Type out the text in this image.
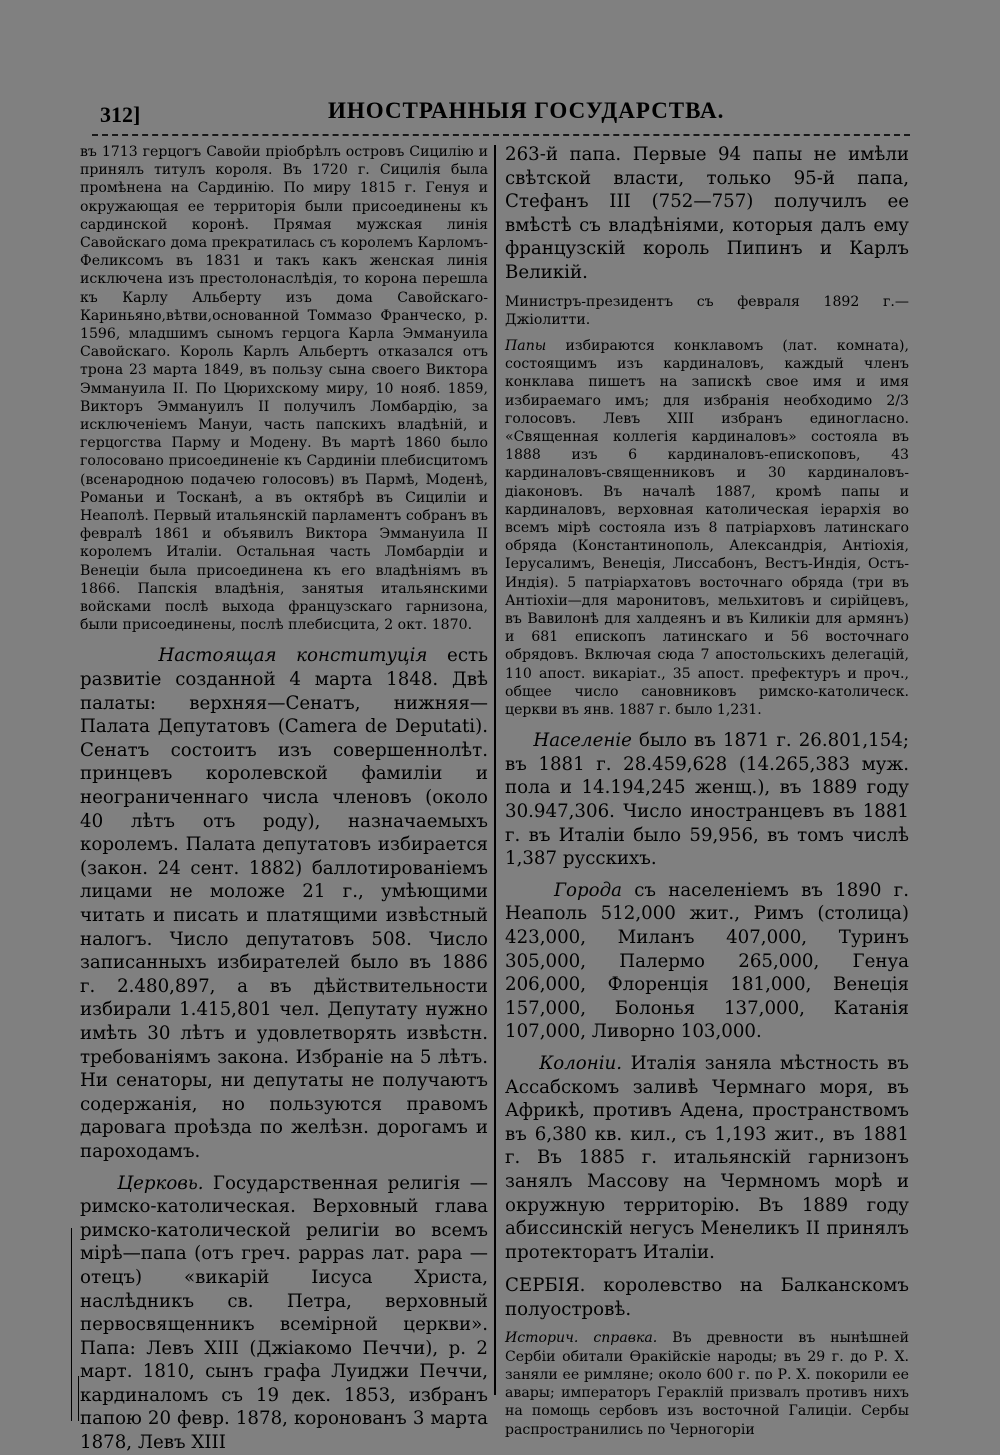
312]	ИНОСТРАННЫЯ ГОСУДАРСТВА.

въ 1713 герцогъ Савойи пріобрѣлъ островъ Сицилію и принялъ титулъ короля. Въ 1720 г. Сицилія была промѣнена на Сардинію. По миру 1815 г. Генуя и окружающая ее территорія были присоединены къ сардинской коронѣ. Прямая мужская линія Савойскаго дома прекратилась съ королемъ Карломъ-Феликсомъ въ 1831 и такъ какъ женская линія исключена изъ престолонаслѣдія, то корона перешла къ Карлу Альберту изъ дома Савойскаго-Кариньяно,вѣтви,основанной Томмазо Франческо, р. 1596, младшимъ сыномъ герцога Карла Эммануила Савойскаго. Король Карлъ Альбертъ отказался отъ трона 23 марта 1849, въ пользу сына своего Виктора Эммануила II. По Цюрихскому миру, 10 нояб. 1859, Викторъ Эммануилъ II получилъ Ломбардію, за исключеніемъ Мануи, часть папскихъ владѣній, и герцогства Парму и Модену. Въ мартѣ 1860 было голосовано присоединеніе къ Сардиніи плебисцитомъ (всенародною подачею голосовъ) въ Пармѣ, Моденѣ, Романьи и Тосканѣ, а въ октябрѣ въ Сициліи и Неаполѣ. Первый итальянскій парламентъ собранъ въ февралѣ 1861 и объявилъ Виктора Эммануила II королемъ Италіи. Остальная часть Ломбардіи и Венеціи была присоединена къ его владѣніямъ въ 1866. Папскія владѣнія, занятыя итальянскими войсками послѣ выхода французскаго гарнизона, были присоединены, послѣ плебисцита, 2 окт. 1870.

Настоящая конституція есть развитіе созданной 4 марта 1848. Двѣ палаты: верхняя—Сенатъ, нижняя—Палата Депутатовъ (Camera de Deputati). Сенатъ состоитъ изъ совершеннолѣт. принцевъ королевской фамиліи и неограниченнаго числа членовъ (около 40 лѣтъ отъ роду), назначаемыхъ королемъ. Палата депутатовъ избирается (закон. 24 сент. 1882) баллотированіемъ лицами не моложе 21 г., умѣющими читать и писать и платящими извѣстный налогъ. Число депутатовъ 508. Число записанныхъ избирателей было въ 1886 г. 2.480,897, а въ дѣйствительности избирали 1.415,801 чел. Депутату нужно имѣть 30 лѣтъ и удовлетворять извѣстн. требованіямъ закона. Избраніе на 5 лѣтъ. Ни сенаторы, ни депутаты не получаютъ содержанія, но пользуются правомъ даровага проѣзда по желѣзн. дорогамъ и пароходамъ.

Церковь. Государственная религія — римско-католическая. Верховный глава римско-католической религіи во всемъ мірѣ—папа (отъ греч. pappas лат. papa — отецъ) «викарій Іисуса Христа, наслѣдникъ св. Петра, верховный первосвященникъ всемірной церкви». Папа: Левъ XIII (Джіакомо Печчи), р. 2 март. 1810, сынъ графа Луиджи Печчи, кардиналомъ съ 19 дек. 1853, избранъ папою 20 февр. 1878, коронованъ 3 марта 1878, Левъ XIII

263-й папа. Первые 94 папы не имѣли свѣтской власти, только 95-й папа, Стефанъ III (752—757) получилъ ее вмѣстѣ съ владѣніями, которыя далъ ему французскій король Пипинъ и Карлъ Великій.

Министръ-президентъ съ февраля 1892 г.— Джіолитти.

Папы избираются конклавомъ (лат. комната), состоящимъ изъ кардиналовъ, каждый членъ конклава пишетъ на запискѣ свое имя и имя избираемаго имъ; для избранія необходимо 2/3 голосовъ. Левъ XIII избранъ единогласно. «Священная коллегія кардиналовъ» состояла въ 1888 изъ 6 кардиналовъ-епископовъ, 43 кардиналовъ-священниковъ и 30 кардиналовъ-діаконовъ. Въ началѣ 1887, кромѣ папы и кардиналовъ, верховная католическая іерархія во всемъ мірѣ состояла изъ 8 патріарховъ латинскаго обряда (Константинополь, Александрія, Антіохія, Іерусалимъ, Венеція, Лиссабонъ, Вестъ-Индія, Остъ-Индія). 5 патріархатовъ восточнаго обряда (три въ Антіохіи—для маронитовъ, мельхитовъ и сирійцевъ, въ Вавилонѣ для халдеянъ и въ Киликіи для армянъ) и 681 епископъ латинскаго и 56 восточнаго обрядовъ. Включая сюда 7 апостольскихъ делегацій, 110 апост. викаріат., 35 апост. префектуръ и проч., общее число сановниковъ римско-католическ. церкви въ янв. 1887 г. было 1,231.

Населеніе было въ 1871 г. 26.801,154; въ 1881 г. 28.459,628 (14.265,383 муж. пола и 14.194,245 женщ.), въ 1889 году 30.947,306. Число иностранцевъ въ 1881 г. въ Италіи было 59,956, въ томъ числѣ 1,387 русскихъ.

Города съ населеніемъ въ 1890 г. Неаполь 512,000 жит., Римъ (столица) 423,000, Миланъ 407,000, Туринъ 305,000, Палермо 265,000, Генуа 206,000, Флоренція 181,000, Венеція 157,000, Болонья 137,000, Катанія 107,000, Ливорно 103,000.

Колоніи. Италія заняла мѣстность въ Ассабскомъ заливѣ Чермнаго моря, въ Африкѣ, противъ Адена, пространствомъ въ 6,380 кв. кил., съ 1,193 жит., въ 1881 г. Въ 1885 г. итальянскій гарнизонъ занялъ Массову на Чермномъ морѣ и окружную территорію. Въ 1889 году абиссинскій негусъ Менеликъ II принялъ протекторатъ Италіи.

СЕРБІЯ. королевство на Балканскомъ полуостровѣ.

Историч. справка. Въ древности въ нынѣшней Сербіи обитали Ѳракійскіе народы; въ 29 г. до Р. Х. заняли ее римляне; около 600 г. по Р. Х. покорили ее авары; императоръ Гераклій призвалъ противъ нихъ на помощь сербовъ изъ восточной Галиціи. Сербы распространились по Черногоріи
